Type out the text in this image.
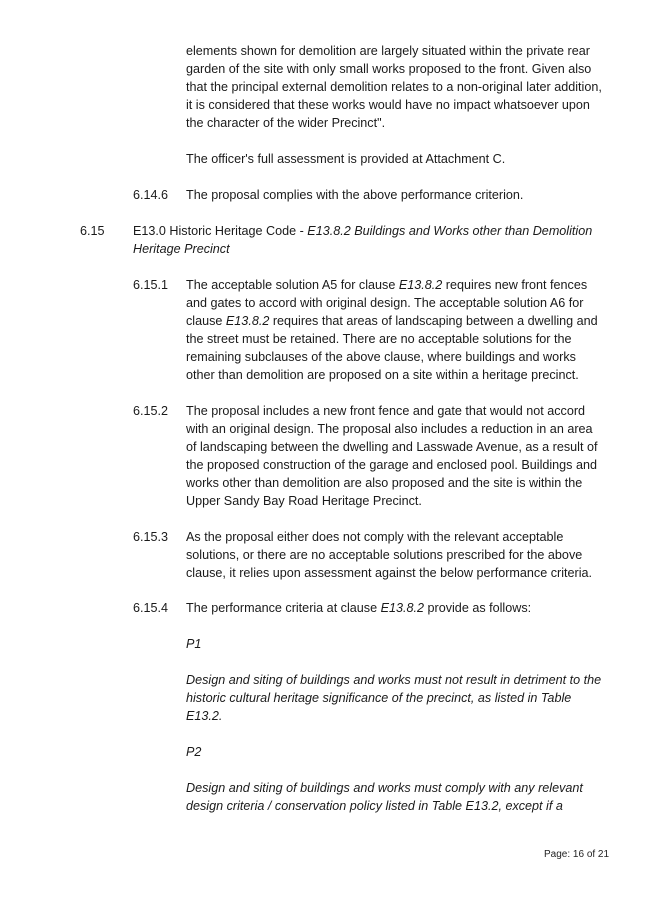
elements shown for demolition are largely situated within the private rear garden of the site with only small works proposed to the front. Given also that the principal external demolition relates to a non-original later addition, it is considered that these works would have no impact whatsoever upon the character of the wider Precinct".

The officer's full assessment is provided at Attachment C.

6.14.6 The proposal complies with the above performance criterion.

6.15 E13.0 Historic Heritage Code - E13.8.2 Buildings and Works other than Demolition Heritage Precinct

6.15.1 The acceptable solution A5 for clause E13.8.2 requires new front fences and gates to accord with original design. The acceptable solution A6 for clause E13.8.2 requires that areas of landscaping between a dwelling and the street must be retained. There are no acceptable solutions for the remaining subclauses of the above clause, where buildings and works other than demolition are proposed on a site within a heritage precinct.

6.15.2 The proposal includes a new front fence and gate that would not accord with an original design. The proposal also includes a reduction in an area of landscaping between the dwelling and Lasswade Avenue, as a result of the proposed construction of the garage and enclosed pool. Buildings and works other than demolition are also proposed and the site is within the Upper Sandy Bay Road Heritage Precinct.

6.15.3 As the proposal either does not comply with the relevant acceptable solutions, or there are no acceptable solutions prescribed for the above clause, it relies upon assessment against the below performance criteria.

6.15.4 The performance criteria at clause E13.8.2 provide as follows:

P1

Design and siting of buildings and works must not result in detriment to the historic cultural heritage significance of the precinct, as listed in Table E13.2.

P2

Design and siting of buildings and works must comply with any relevant design criteria / conservation policy listed in Table E13.2, except if a

Page: 16 of 21
